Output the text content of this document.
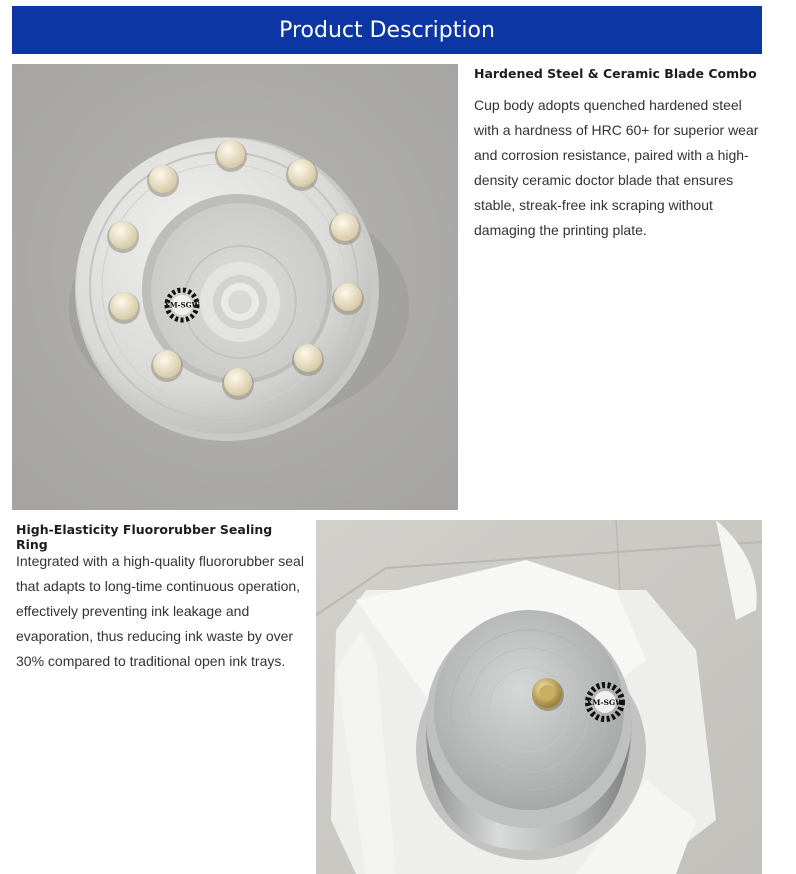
Product Description
XM-SGW
Hardened Steel & Ceramic Blade Combo
Cup body adopts quenched hardened steel with a hardness of HRC 60+ for superior wear and corrosion resistance, paired with a high-density ceramic doctor blade that ensures stable, streak-free ink scraping without damaging the printing plate.
High-Elasticity Fluororubber Sealing Ring
Integrated with a high-quality fluororubber seal that adapts to long-time continuous operation, effectively preventing ink leakage and evaporation, thus reducing ink waste by over 30% compared to traditional open ink trays.
XM-SGW
